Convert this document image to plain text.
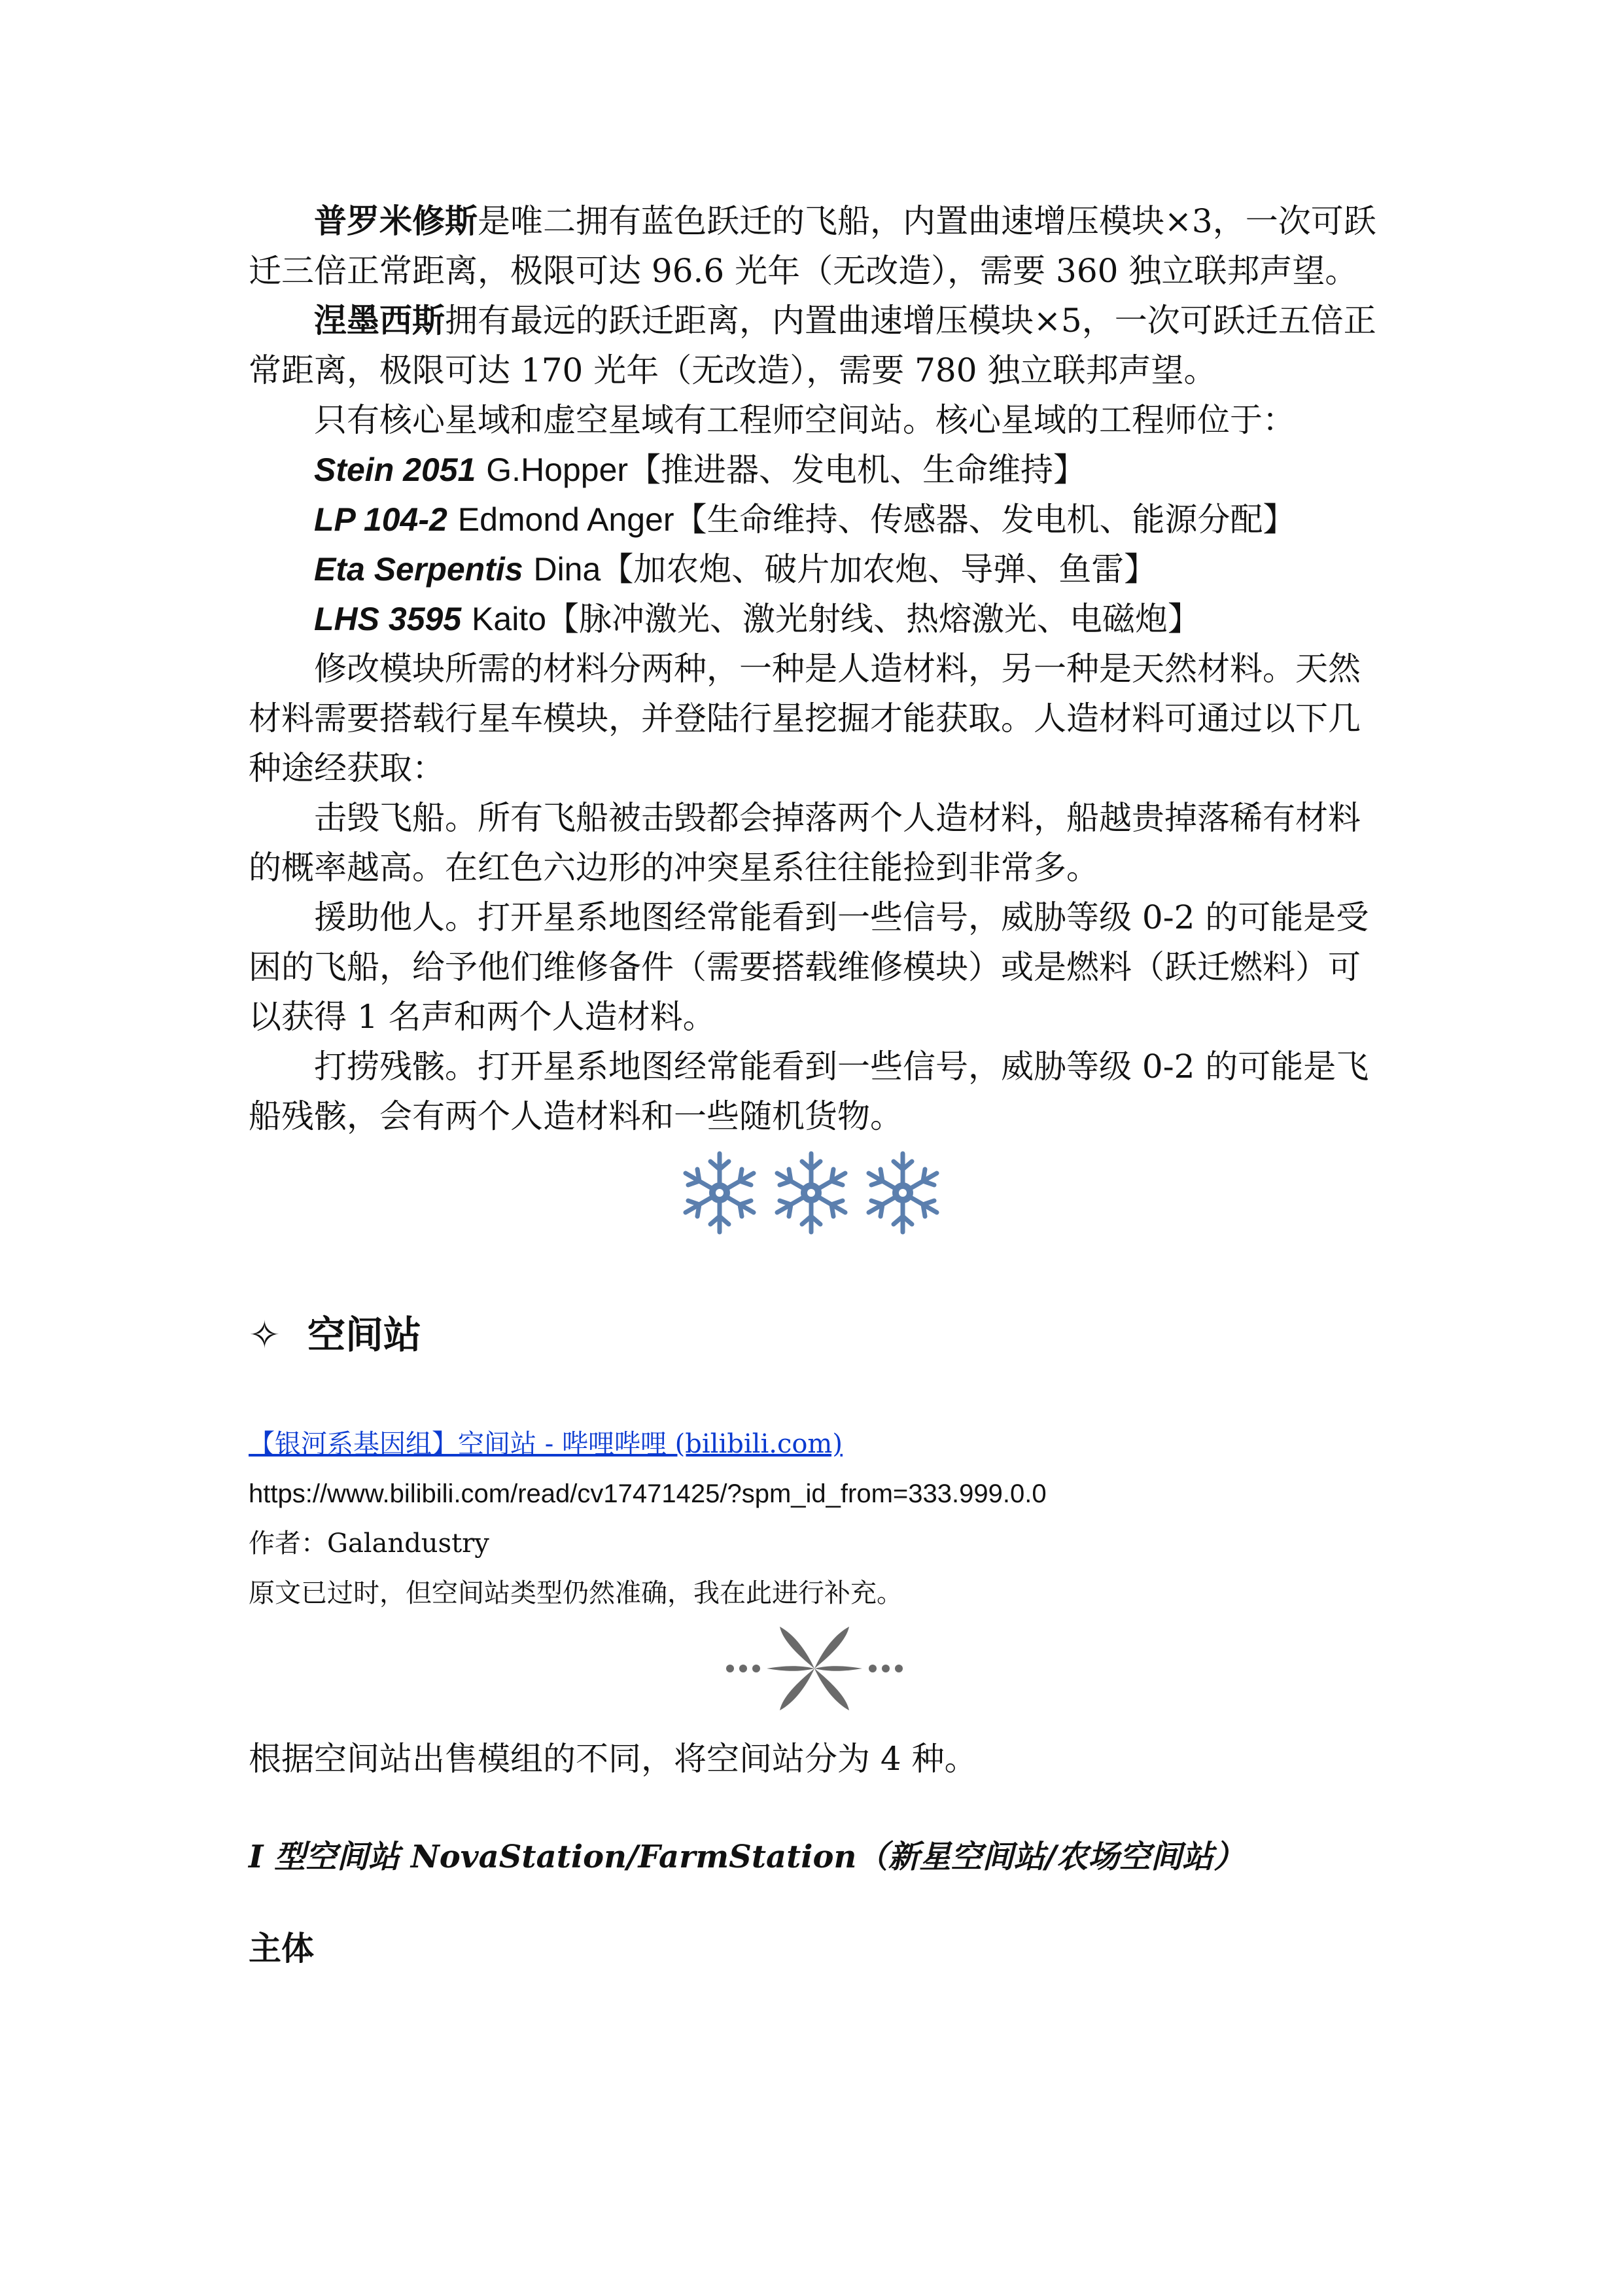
普罗米修斯是唯二拥有蓝色跃迁的飞船，内置曲速增压模块×3，一次可跃迁三倍正常距离，极限可达 96.6 光年（无改造），需要 360 独立联邦声望。

涅墨西斯拥有最远的跃迁距离，内置曲速增压模块×5，一次可跃迁五倍正常距离，极限可达 170 光年（无改造），需要 780 独立联邦声望。

只有核心星域和虚空星域有工程师空间站。核心星域的工程师位于：

Stein 2051 G.Hopper【推进器、发电机、生命维持】
LP 104-2 Edmond Anger【生命维持、传感器、发电机、能源分配】
Eta Serpentis Dina【加农炮、破片加农炮、导弹、鱼雷】
LHS 3595 Kaito【脉冲激光、激光射线、热熔激光、电磁炮】

修改模块所需的材料分两种，一种是人造材料，另一种是天然材料。天然材料需要搭载行星车模块，并登陆行星挖掘才能获取。人造材料可通过以下几种途经获取：

击毁飞船。所有飞船被击毁都会掉落两个人造材料，船越贵掉落稀有材料的概率越高。在红色六边形的冲突星系往往能捡到非常多。

援助他人。打开星系地图经常能看到一些信号，威胁等级 0-2 的可能是受困的飞船，给予他们维修备件（需要搭载维修模块）或是燃料（跃迁燃料）可以获得 1 名声和两个人造材料。

打捞残骸。打开星系地图经常能看到一些信号，威胁等级 0-2 的可能是飞船残骸，会有两个人造材料和一些随机货物。

✧ 空间站
【银河系基因组】空间站 - 哔哩哔哩 (bilibili.com)
https://www.bilibili.com/read/cv17471425/?spm_id_from=333.999.0.0
作者：Galandustry
原文已过时，但空间站类型仍然准确，我在此进行补充。
根据空间站出售模组的不同，将空间站分为 4 种。
I 型空间站 NovaStation/FarmStation（新星空间站/农场空间站）
主体
